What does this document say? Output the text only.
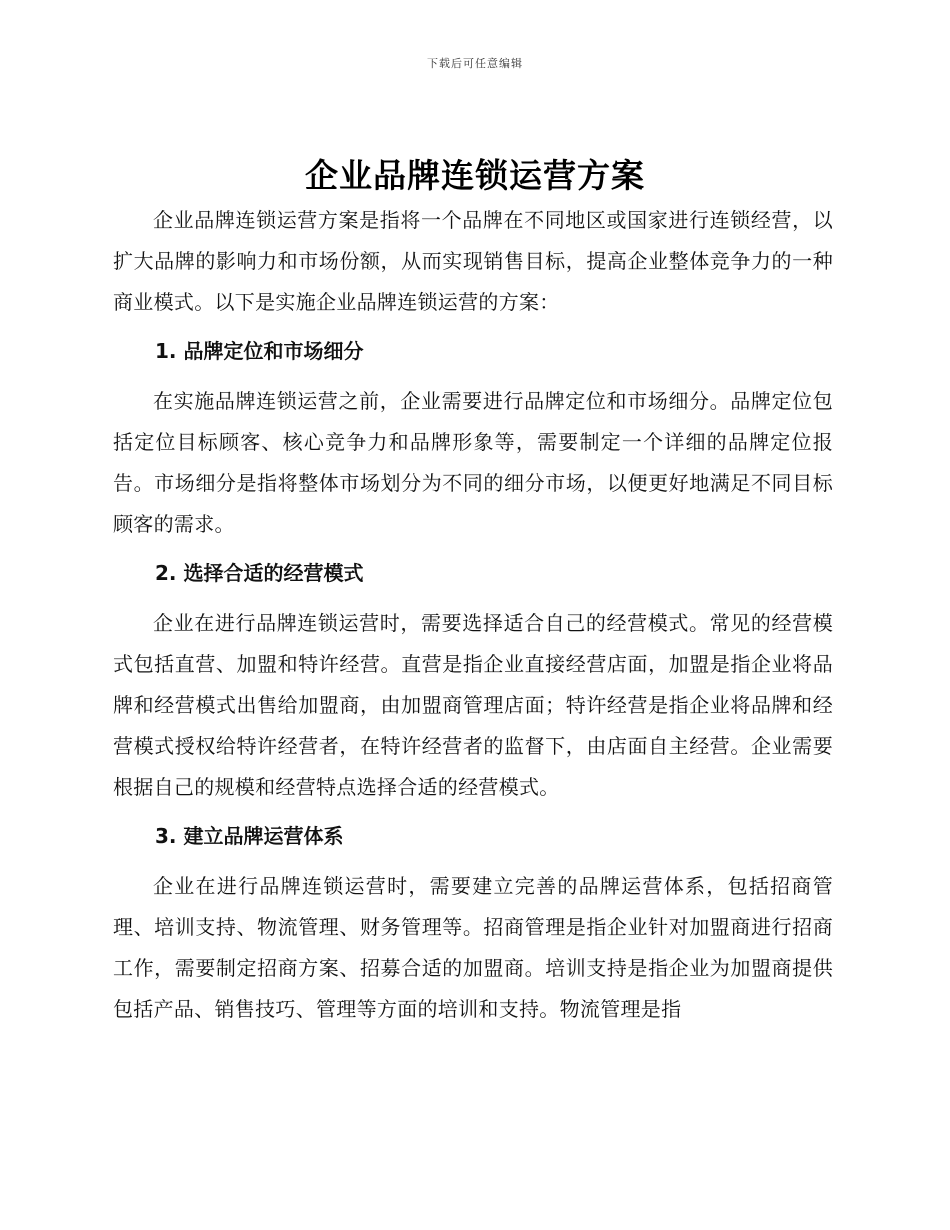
下载后可任意编辑
企业品牌连锁运营方案

企业品牌连锁运营方案是指将一个品牌在不同地区或国家进行连锁经营，以扩大品牌的影响力和市场份额，从而实现销售目标，提高企业整体竞争力的一种商业模式。以下是实施企业品牌连锁运营的方案：

1. 品牌定位和市场细分

在实施品牌连锁运营之前，企业需要进行品牌定位和市场细分。品牌定位包括定位目标顾客、核心竞争力和品牌形象等，需要制定一个详细的品牌定位报告。市场细分是指将整体市场划分为不同的细分市场，以便更好地满足不同目标顾客的需求。

2. 选择合适的经营模式

企业在进行品牌连锁运营时，需要选择适合自己的经营模式。常见的经营模式包括直营、加盟和特许经营。直营是指企业直接经营店面，加盟是指企业将品牌和经营模式出售给加盟商，由加盟商管理店面；特许经营是指企业将品牌和经营模式授权给特许经营者，在特许经营者的监督下，由店面自主经营。企业需要根据自己的规模和经营特点选择合适的经营模式。

3. 建立品牌运营体系

企业在进行品牌连锁运营时，需要建立完善的品牌运营体系，包括招商管理、培训支持、物流管理、财务管理等。招商管理是指企业针对加盟商进行招商工作，需要制定招商方案、招募合适的加盟商。培训支持是指企业为加盟商提供包括产品、销售技巧、管理等方面的培训和支持。物流管理是指
